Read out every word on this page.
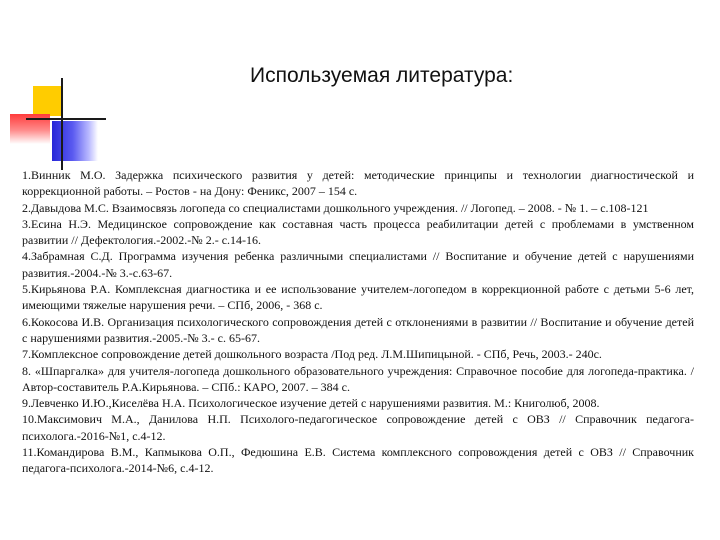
Используемая литература:
1.Винник М.О. Задержка психического развития у детей: методические принципы и технологии диагностической и коррекционной работы. – Ростов - на Дону: Феникс, 2007 – 154 с.
2.Давыдова М.С. Взаимосвязь логопеда со специалистами дошкольного учреждения. // Логопед. – 2008. - № 1. – с.108-121
3.Есина Н.Э. Медицинское сопровождение как составная часть процесса реабилитации детей с проблемами в умственном развитии // Дефектология.-2002.-№ 2.- с.14-16.
4.Забрамная С.Д. Программа изучения ребенка различными специалистами // Воспитание и обучение детей с нарушениями развития.-2004.-№ 3.-с.63-67.
5.Кирьянова Р.А. Комплексная диагностика и ее использование учителем-логопедом в коррекционной работе с детьми 5-6 лет, имеющими тяжелые нарушения речи. – СПб, 2006, - 368 с.
6.Кокосова И.В. Организация психологического сопровождения детей с отклонениями в развитии // Воспитание и обучение детей с нарушениями развития.-2005.-№ 3.- с. 65-67.
7.Комплексное сопровождение детей дошкольного возраста /Под ред. Л.М.Шипицыной. - СПб, Речь, 2003.- 240с.
8. «Шпаргалка» для учителя-логопеда дошкольного образовательного учреждения: Справочное пособие для логопеда-практика. / Автор-составитель Р.А.Кирьянова. – СПб.: КАРО, 2007. – 384 с.
9.Левченко И.Ю.,Киселёва Н.А. Психологическое изучение детей с нарушениями развития. М.: Книголюб, 2008.
10.Максимович М.А., Данилова Н.П. Психолого-педагогическое сопровождение детей с ОВЗ // Справочник педагога-психолога.-2016-№1, с.4-12.
11.Командирова В.М., Капмыкова О.П., Федюшина Е.В. Система комплексного сопровождения детей с ОВЗ // Справочник педагога-психолога.-2014-№6, с.4-12.
